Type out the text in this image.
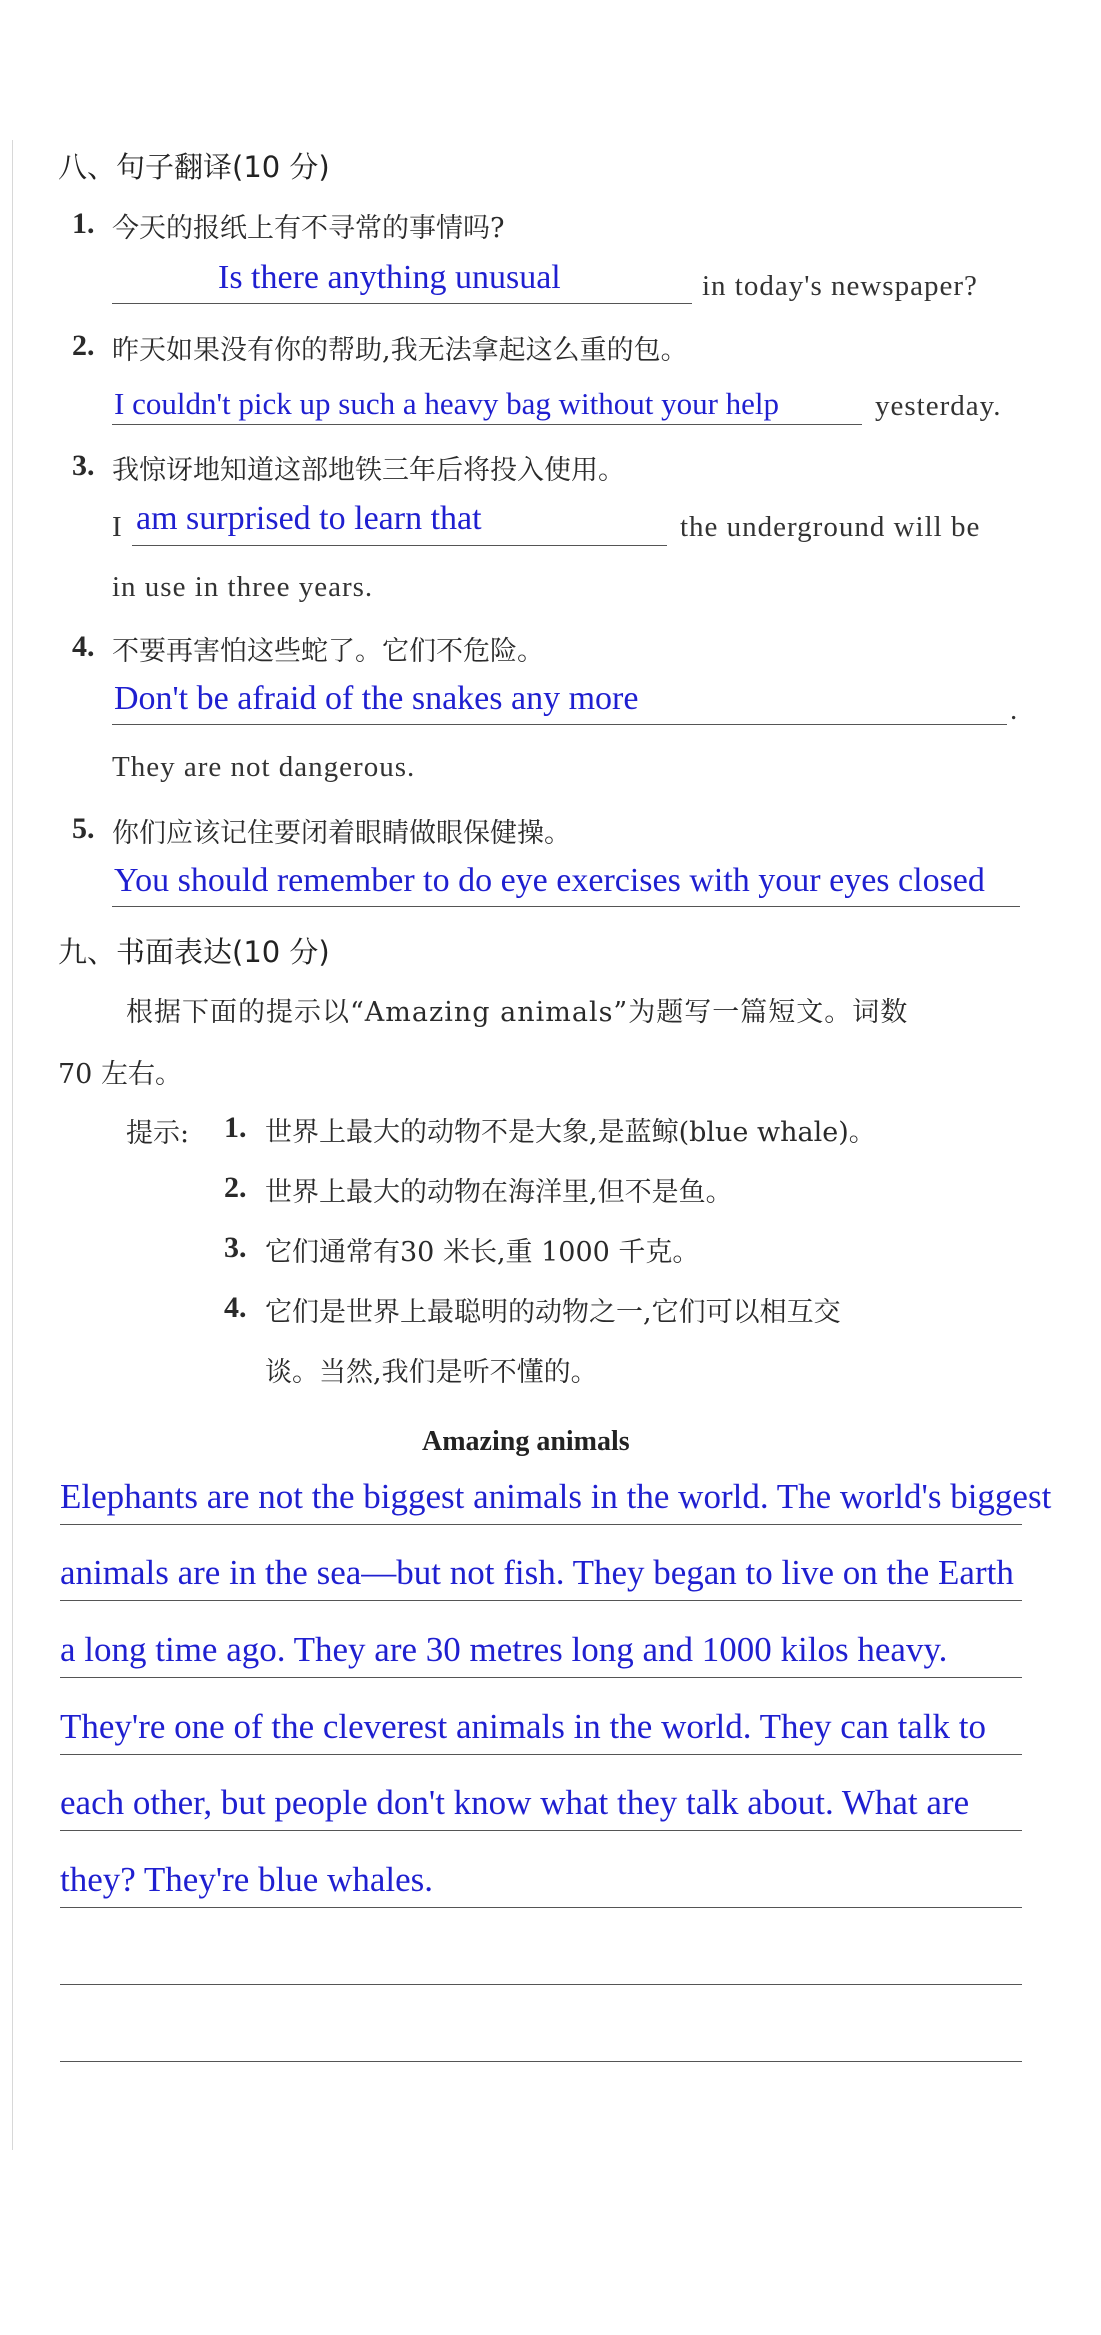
八、句子翻译(10 分)
1. 今天的报纸上有不寻常的事情吗?
Is there anything unusual	in today's newspaper?
2. 昨天如果没有你的帮助,我无法拿起这么重的包。
I couldn't pick up such a heavy bag without your help	yesterday.
3. 我惊讶地知道这部地铁三年后将投入使用。
I am surprised to learn that	the underground will be
in use in three years.
4. 不要再害怕这些蛇了。它们不危险。
Don't be afraid of the snakes any more	.
They are not dangerous.
5. 你们应该记住要闭着眼睛做眼保健操。
You should remember to do eye exercises with your eyes closed
九、书面表达(10 分)
根据下面的提示以“Amazing animals”为题写一篇短文。词数
70 左右。
提示: 1. 世界上最大的动物不是大象,是蓝鲸(blue whale)。
2. 世界上最大的动物在海洋里,但不是鱼。
3. 它们通常有30 米长,重 1000 千克。
4. 它们是世界上最聪明的动物之一,它们可以相互交
谈。当然,我们是听不懂的。
Amazing animals
Elephants are not the biggest animals in the world. The world's biggest
animals are in the sea—but not fish. They began to live on the Earth
a long time ago. They are 30 metres long and 1000 kilos heavy.
They're one of the cleverest animals in the world. They can talk to
each other, but people don't know what they talk about. What are
they? They're blue whales.
